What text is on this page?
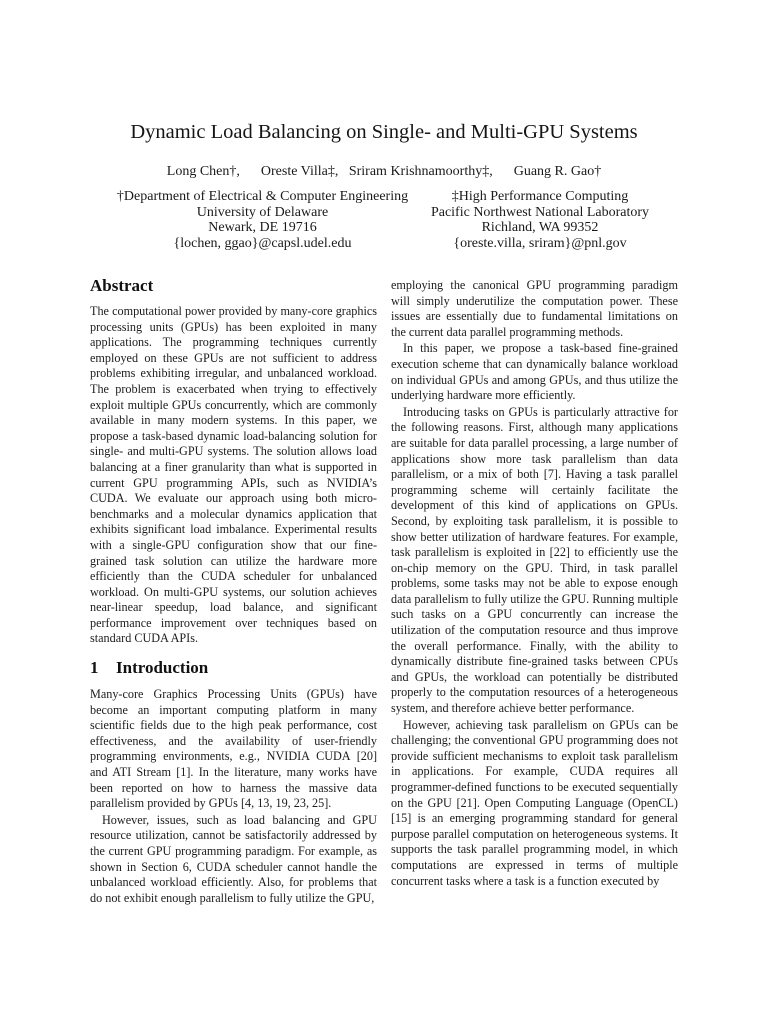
Dynamic Load Balancing on Single- and Multi-GPU Systems
Long Chen†,      Oreste Villa‡,   Sriram Krishnamoorthy‡,      Guang R. Gao†
†Department of Electrical & Computer Engineering
University of Delaware
Newark, DE 19716
{lochen, ggao}@capsl.udel.edu
‡High Performance Computing
Pacific Northwest National Laboratory
Richland, WA 99352
{oreste.villa, sriram}@pnl.gov
Abstract

The computational power provided by many-core graphics processing units (GPUs) has been exploited in many applications. The programming techniques currently employed on these GPUs are not sufficient to address problems exhibiting irregular, and unbalanced workload. The problem is exacerbated when trying to effectively exploit multiple GPUs concurrently, which are commonly available in many modern systems. In this paper, we propose a task-based dynamic load-balancing solution for single- and multi-GPU systems. The solution allows load balancing at a finer granularity than what is supported in current GPU programming APIs, such as NVIDIA’s CUDA. We evaluate our approach using both micro-benchmarks and a molecular dynamics application that exhibits significant load imbalance. Experimental results with a single-GPU configuration show that our fine-grained task solution can utilize the hardware more efficiently than the CUDA scheduler for unbalanced workload. On multi-GPU systems, our solution achieves near-linear speedup, load balance, and significant performance improvement over techniques based on standard CUDA APIs.

1 Introduction

Many-core Graphics Processing Units (GPUs) have become an important computing platform in many scientific fields due to the high peak performance, cost effectiveness, and the availability of user-friendly programming environments, e.g., NVIDIA CUDA [20] and ATI Stream [1]. In the literature, many works have been reported on how to harness the massive data parallelism provided by GPUs [4, 13, 19, 23, 25].

However, issues, such as load balancing and GPU resource utilization, cannot be satisfactorily addressed by the current GPU programming paradigm. For example, as shown in Section 6, CUDA scheduler cannot handle the unbalanced workload efficiently. Also, for problems that do not exhibit enough parallelism to fully utilize the GPU,

employing the canonical GPU programming paradigm will simply underutilize the computation power. These issues are essentially due to fundamental limitations on the current data parallel programming methods.

In this paper, we propose a task-based fine-grained execution scheme that can dynamically balance workload on individual GPUs and among GPUs, and thus utilize the underlying hardware more efficiently.

Introducing tasks on GPUs is particularly attractive for the following reasons. First, although many applications are suitable for data parallel processing, a large number of applications show more task parallelism than data parallelism, or a mix of both [7]. Having a task parallel programming scheme will certainly facilitate the development of this kind of applications on GPUs. Second, by exploiting task parallelism, it is possible to show better utilization of hardware features. For example, task parallelism is exploited in [22] to efficiently use the on-chip memory on the GPU. Third, in task parallel problems, some tasks may not be able to expose enough data parallelism to fully utilize the GPU. Running multiple such tasks on a GPU concurrently can increase the utilization of the computation resource and thus improve the overall performance. Finally, with the ability to dynamically distribute fine-grained tasks between CPUs and GPUs, the workload can potentially be distributed properly to the computation resources of a heterogeneous system, and therefore achieve better performance.

However, achieving task parallelism on GPUs can be challenging; the conventional GPU programming does not provide sufficient mechanisms to exploit task parallelism in applications. For example, CUDA requires all programmer-defined functions to be executed sequentially on the GPU [21]. Open Computing Language (OpenCL) [15] is an emerging programming standard for general purpose parallel computation on heterogeneous systems. It supports the task parallel programming model, in which computations are expressed in terms of multiple concurrent tasks where a task is a function executed by
